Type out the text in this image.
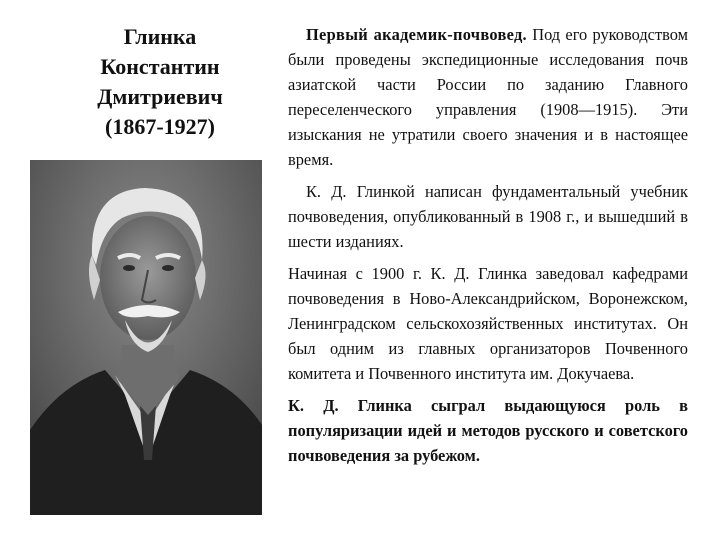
Глинка
Константин
Дмитриевич
(1867-1927)

Первый академик-почвовед. Под его руководством были проведены экспедиционные исследования почв азиатской части России по заданию Главного переселенческого управления (1908—1915). Эти изыскания не утратили своего значения и в настоящее время.

К. Д. Глинкой написан фундаментальный учебник почвоведения, опубликованный в 1908 г., и вышедший в шести изданиях.

Начиная с 1900 г. К. Д. Глинка заведовал кафедрами почвоведения в Ново-Александрийском, Воронежском, Ленинградском сельскохозяйственных институтах. Он был одним из главных организаторов Почвенного комитета и Почвенного института им. Докучаева.

К. Д. Глинка сыграл выдающуюся роль в популяризации идей и методов русского и советского почвоведения за рубежом.
